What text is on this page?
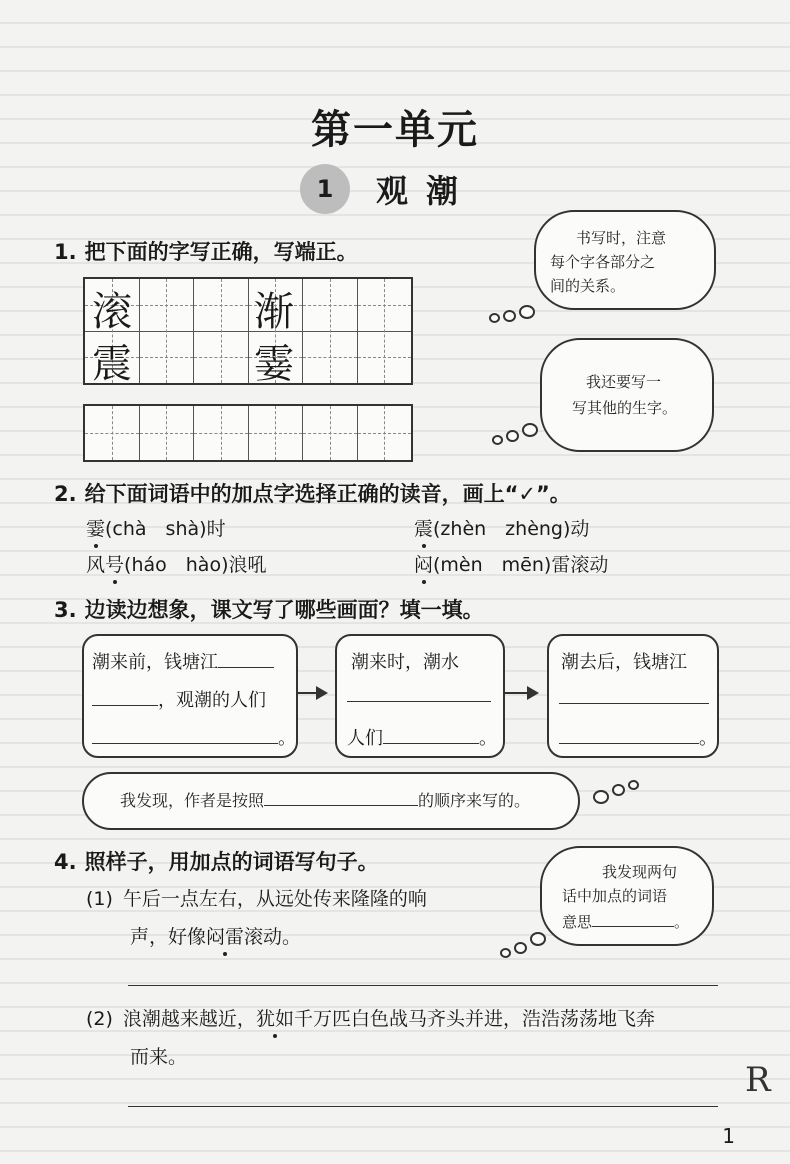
第一单元
1	观潮
1. 把下面的字写正确，写端正。
滚	渐
震	霎
书写时，注意
每个字各部分之
间的关系。
我还要写一
写其他的生字。
2. 给下面词语中的加点字选择正确的读音，画上“✓”。
霎(chà　shà)时	震(zhèn　zhèng)动
风号(háo　hào)浪吼	闷(mèn　mēn)雷滚动
3. 边读边想象，课文写了哪些画面？填一填。
潮来前，钱塘江
，观潮的人们
。
潮来时，潮水
人们	。
潮去后，钱塘江
。
我发现，作者是按照	的顺序来写的。
4. 照样子，用加点的词语写句子。
(1) 午后一点左右，从远处传来隆隆的响
声，好像闷雷滚动。
(2) 浪潮越来越近，犹如千万匹白色战马齐头并进，浩浩荡荡地飞奔
而来。
我发现两句
话中加点的词语
意思	。
R
1
